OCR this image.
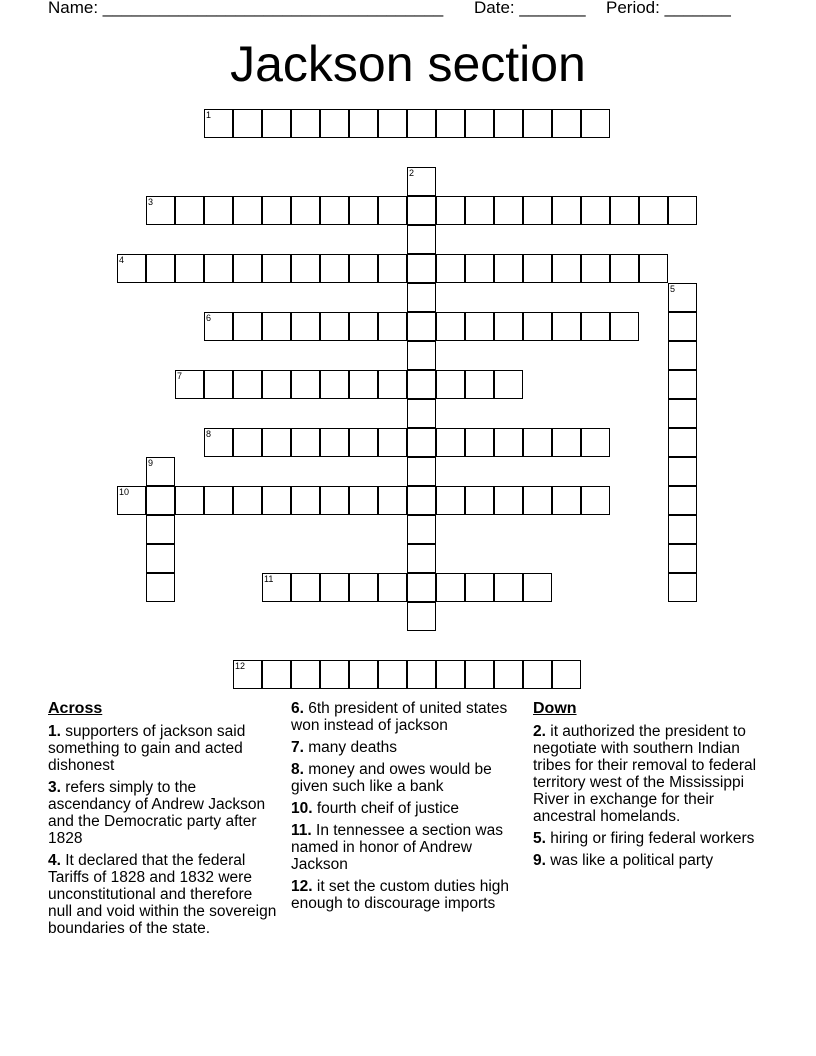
Name: ____________________________________ Date: _______ Period: _______
Jackson section
1
2
3
4
5
6
7
8
9
10
11
12
Across
1. supporters of jackson said something to gain and acted dishonest
3. refers simply to the ascendancy of Andrew Jackson and the Democratic party after 1828
4. It declared that the federal Tariffs of 1828 and 1832 were unconstitutional and therefore null and void within the sovereign boundaries of the state.
6. 6th president of united states won instead of jackson
7. many deaths
8. money and owes would be given such like a bank
10. fourth cheif of justice
11. In tennessee a section was named in honor of Andrew Jackson
12. it set the custom duties high enough to discourage imports
Down
2. it authorized the president to negotiate with southern Indian tribes for their removal to federal territory west of the Mississippi River in exchange for their ancestral homelands.
5. hiring or firing federal workers
9. was like a political party
